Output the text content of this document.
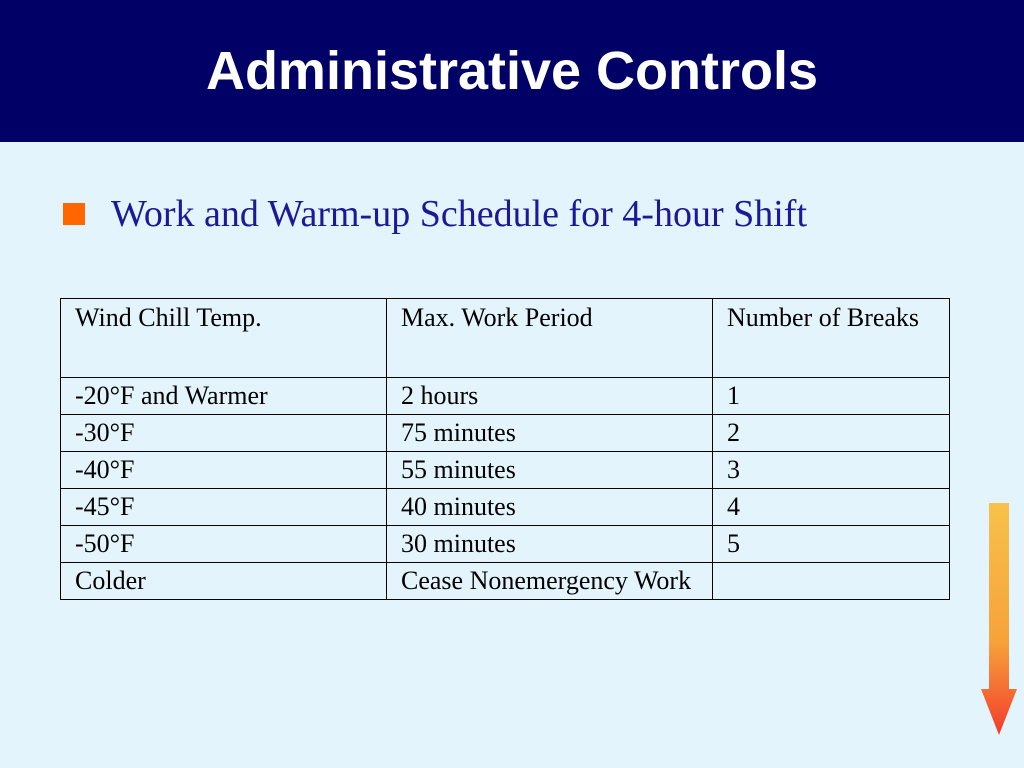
Administrative Controls
Work and Warm-up Schedule for 4-hour Shift
Wind Chill Temp.	Max. Work Period	Number of Breaks
-20°F and Warmer	2 hours	1
-30°F	75 minutes	2
-40°F	55 minutes	3
-45°F	40 minutes	4
-50°F	30 minutes	5
Colder	Cease Nonemergency Work	
